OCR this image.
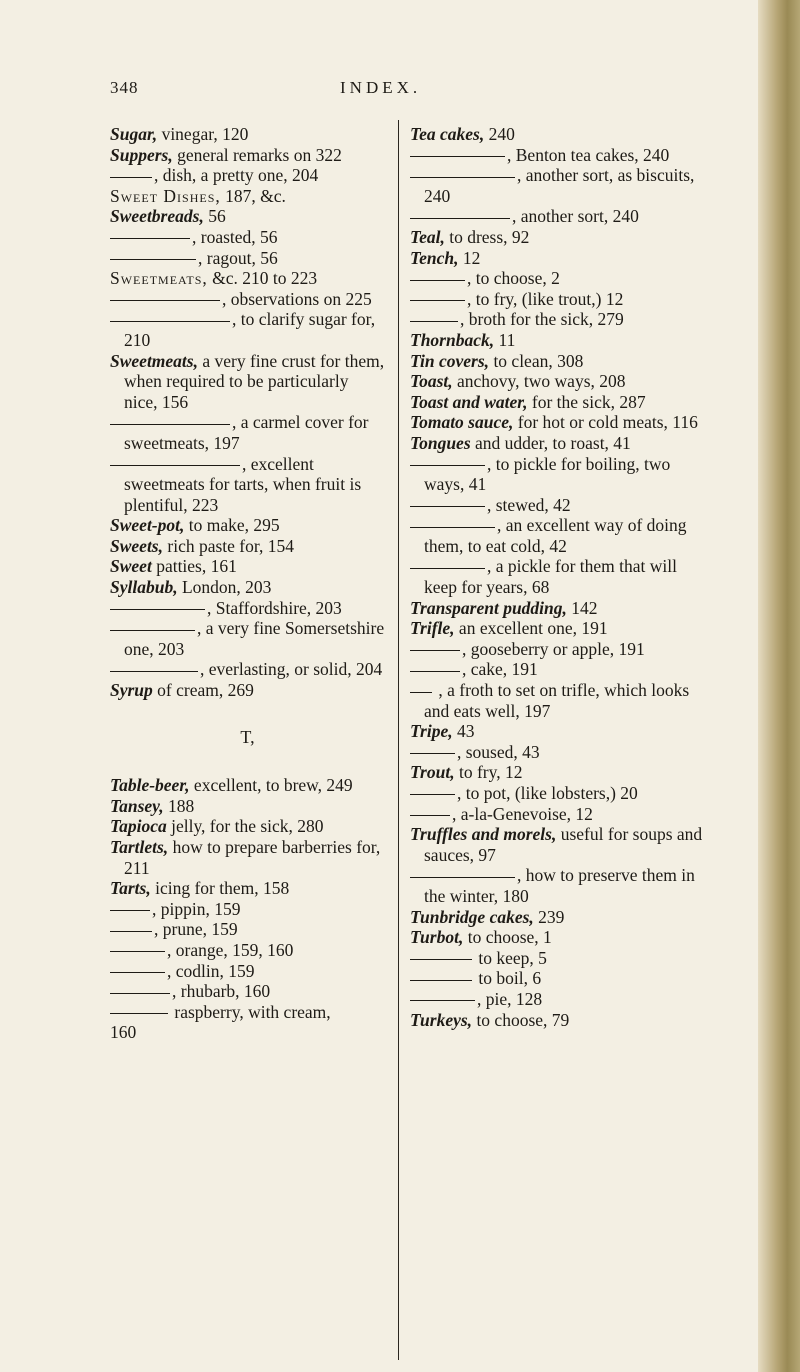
348	INDEX.
Sugar, vinegar, 120
Suppers, general remarks on 322
, dish, a pretty one, 204
Sweet Dishes, 187, &c.
Sweetbreads, 56
, roasted, 56
, ragout, 56
Sweetmeats, &c. 210 to 223
, observations on 225
, to clarify sugar for, 210
Sweetmeats, a very fine crust for them, when required to be particularly nice, 156
, a carmel cover for sweetmeats, 197
, excellent sweetmeats for tarts, when fruit is plentiful, 223
Sweet-pot, to make, 295
Sweets, rich paste for, 154
Sweet patties, 161
Syllabub, London, 203
, Staffordshire, 203
, a very fine Somersetshire one, 203
, everlasting, or solid, 204
Syrup of cream, 269
T,
Table-beer, excellent, to brew, 249
Tansey, 188
Tapioca jelly, for the sick, 280
Tartlets, how to prepare barberries for, 211
Tarts, icing for them, 158
, pippin, 159
, prune, 159
, orange, 159, 160
, codlin, 159
, rhubarb, 160
raspberry, with cream,
160
Tea cakes, 240
, Benton tea cakes, 240
, another sort, as biscuits, 240
, another sort, 240
Teal, to dress, 92
Tench, 12
, to choose, 2
, to fry, (like trout,) 12
, broth for the sick, 279
Thornback, 11
Tin covers, to clean, 308
Toast, anchovy, two ways, 208
Toast and water, for the sick, 287
Tomato sauce, for hot or cold meats, 116
Tongues and udder, to roast, 41
, to pickle for boiling, two ways, 41
, stewed, 42
, an excellent way of doing them, to eat cold, 42
, a pickle for them that will keep for years, 68
Transparent pudding, 142
Trifle, an excellent one, 191
, gooseberry or apple, 191
, cake, 191
, a froth to set on trifle, which looks and eats well, 197
Tripe, 43
, soused, 43
Trout, to fry, 12
, to pot, (like lobsters,) 20
, a-la-Genevoise, 12
Truffles and morels, useful for soups and sauces, 97
, how to preserve them in the winter, 180
Tunbridge cakes, 239
Turbot, to choose, 1
to keep, 5
to boil, 6
, pie, 128
Turkeys, to choose, 79
